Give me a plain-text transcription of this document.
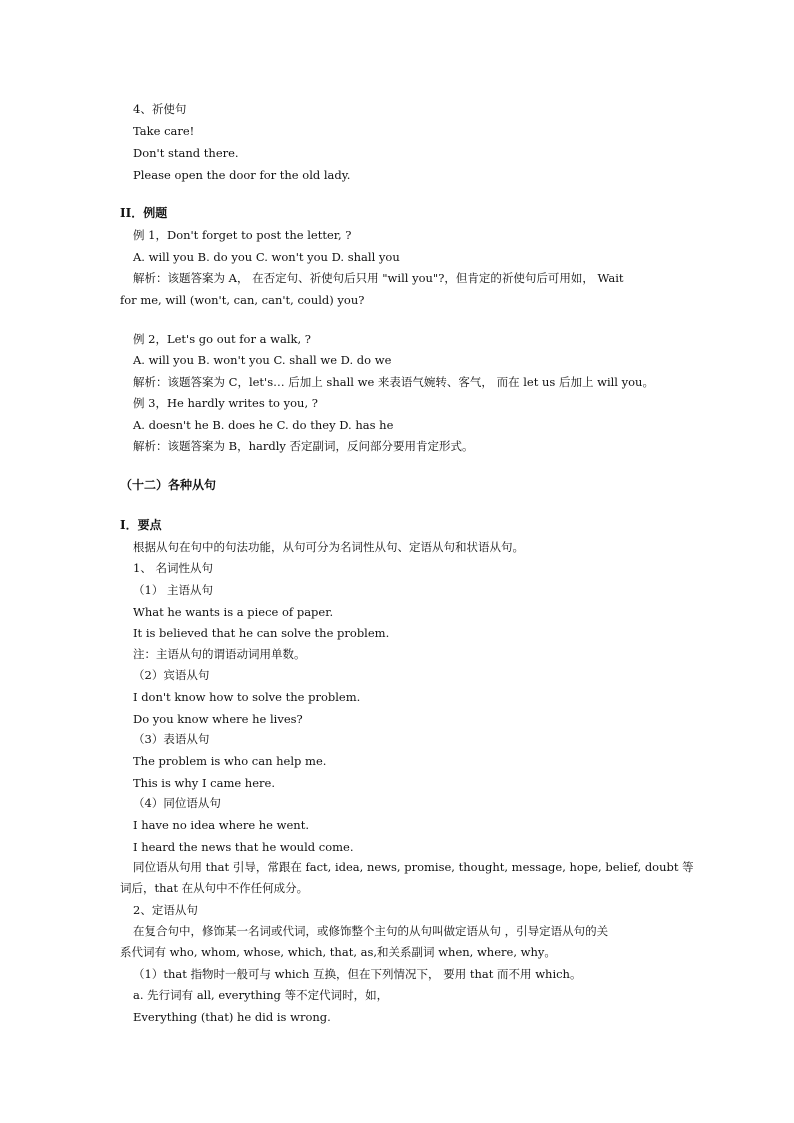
4、祈使句
Take care!
Don't stand there.
Please open the door for the old lady.
II．例题
例 1，Don't forget to post the letter, ?
A. will you B. do you C. won't you D. shall you
解析：该题答案为 A， 在否定句、祈使句后只用 "will you"?，但肯定的祈使句后可用如， Wait
for me, will (won't, can, can't, could) you?
例 2，Let's go out for a walk, ?
A. will you B. won't you C. shall we D. do we
解析：该题答案为 C，let's… 后加上 shall we 来表语气婉转、客气， 而在 let us 后加上 will you。
例 3，He hardly writes to you, ?
A. doesn't he B. does he C. do they D. has he
解析：该题答案为 B，hardly 否定副词，反问部分要用肯定形式。
（十二）各种从句
I．要点
根据从句在句中的句法功能，从句可分为名词性从句、定语从句和状语从句。
1、 名词性从句
（1） 主语从句
What he wants is a piece of paper.
It is believed that he can solve the problem.
注：主语从句的谓语动词用单数。
（2）宾语从句
I don't know how to solve the problem.
Do you know where he lives?
（3）表语从句
The problem is who can help me.
This is why I came here.
（4）同位语从句
I have no idea where he went.
I heard the news that he would come.
同位语从句用 that 引导，常跟在 fact, idea, news, promise, thought, message, hope, belief, doubt 等
词后，that 在从句中不作任何成分。
2、定语从句
在复合句中，修饰某一名词或代词，或修饰整个主句的从句叫做定语从句 ，引导定语从句的关
系代词有 who, whom, whose, which, that, as,和关系副词 when, where, why。
（1）that 指物时一般可与 which 互换，但在下列情况下， 要用 that 而不用 which。
a. 先行词有 all, everything 等不定代词时，如，
Everything (that) he did is wrong.
